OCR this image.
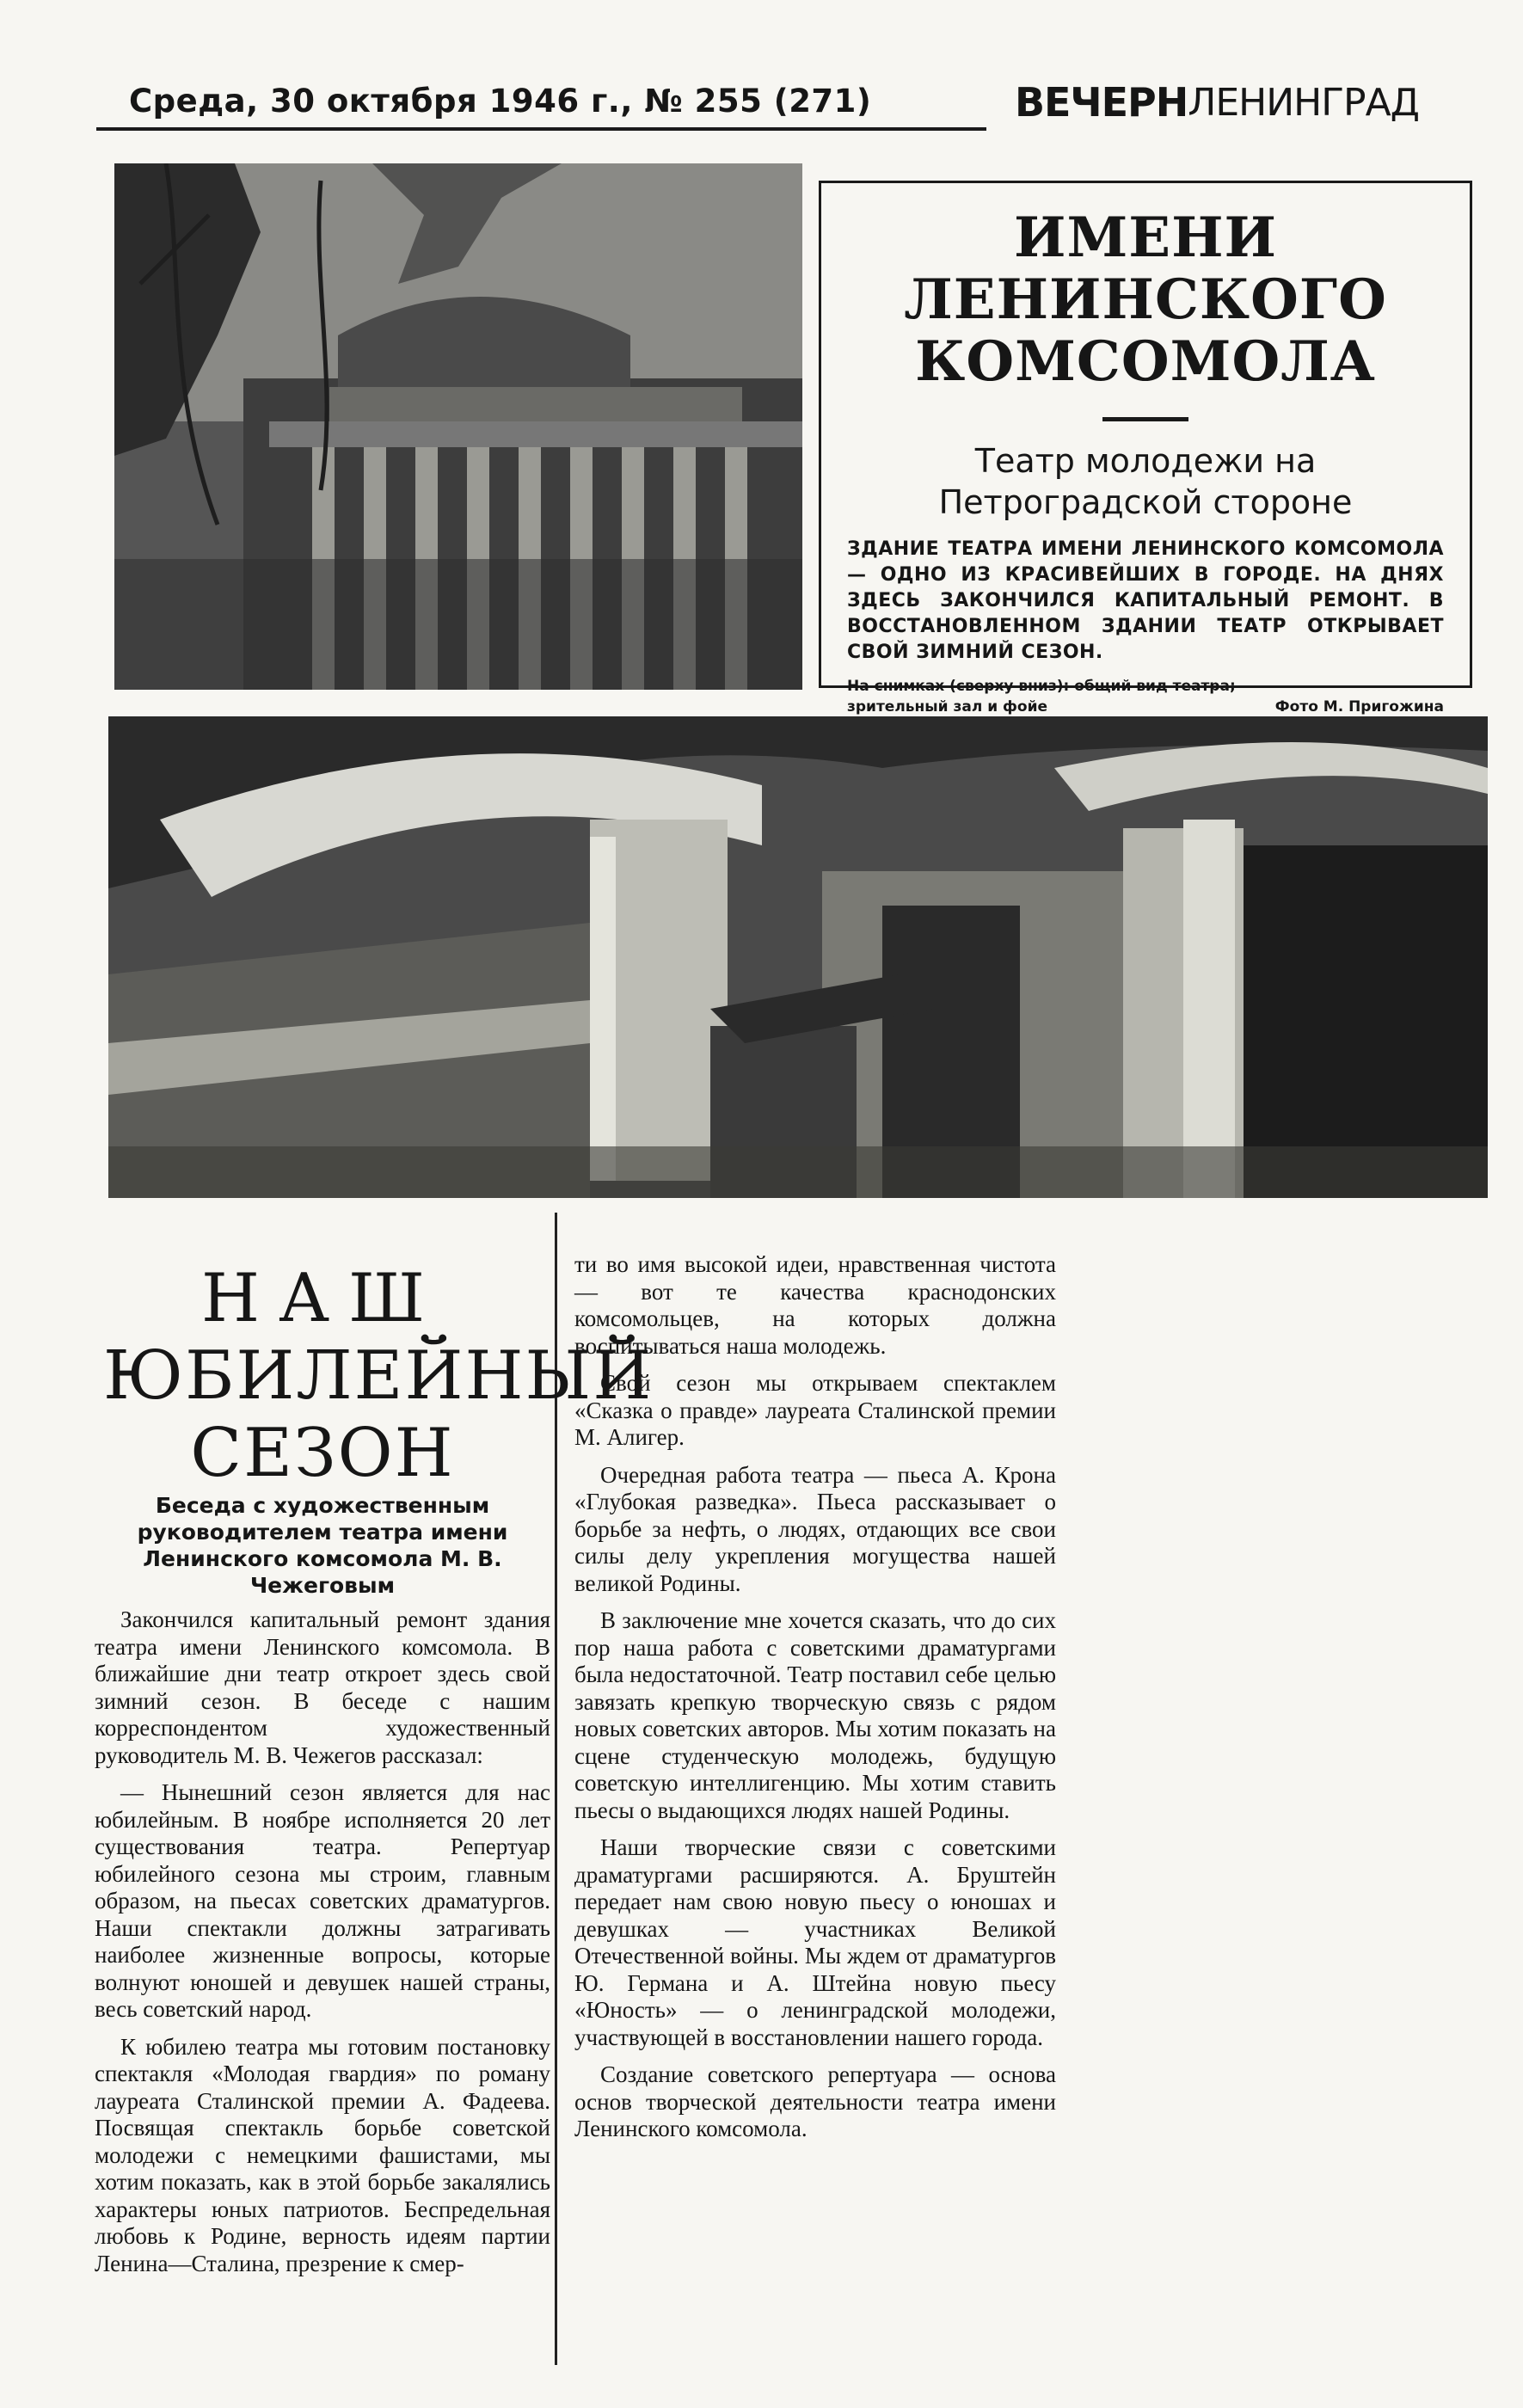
Среда, 30 октября 1946 г., № 255 (271)	ВЕЧЕРН ЛЕНИНГРАД
ИМЕНИ ЛЕНИНСКОГО КОМСОМОЛА
Театр молодежи на Петроградской стороне
ЗДАНИЕ ТЕАТРА ИМЕНИ ЛЕНИНСКОГО КОМСОМОЛА — ОДНО ИЗ КРАСИВЕЙШИХ В ГОРОДЕ. НА ДНЯХ ЗДЕСЬ ЗАКОНЧИЛСЯ КАПИТАЛЬНЫЙ РЕМОНТ. В ВОССТАНОВЛЕННОМ ЗДАНИИ ТЕАТР ОТКРЫВАЕТ СВОЙ ЗИМНИЙ СЕЗОН.
На снимках (сверху вниз): общий вид театра; зрительный зал и фойе	Фото М. Пригожина
НАШ
ЮБИЛЕЙНЫЙ СЕЗОН
Беседа с художественным руководителем театра имени Ленинского комсомола М. В. Чежеговым

Закончился капитальный ремонт здания театра имени Ленинского комсомола. В ближайшие дни театр откроет здесь свой зимний сезон. В беседе с нашим корреспондентом художественный руководитель М. В. Чежегов рассказал:

— Нынешний сезон является для нас юбилейным. В ноябре исполняется 20 лет существования театра. Репертуар юбилейного сезона мы строим, главным образом, на пьесах советских драматургов. Наши спектакли должны затрагивать наиболее жизненные вопросы, которые волнуют юношей и девушек нашей страны, весь советский народ.

К юбилею театра мы готовим постановку спектакля «Молодая гвардия» по роману лауреата Сталинской премии А. Фадеева. Посвящая спектакль борьбе советской молодежи с немецкими фашистами, мы хотим показать, как в этой борьбе закалялись характеры юных патриотов. Беспредельная любовь к Родине, верность идеям партии Ленина—Сталина, презрение к смер-

ти во имя высокой идеи, нравственная чистота — вот те качества краснодонских комсомольцев, на которых должна воспитываться наша молодежь.

Свой сезон мы открываем спектаклем «Сказка о правде» лауреата Сталинской премии М. Алигер.

Очередная работа театра — пьеса А. Крона «Глубокая разведка». Пьеса рассказывает о борьбе за нефть, о людях, отдающих все свои силы делу укрепления могущества нашей великой Родины.

В заключение мне хочется сказать, что до сих пор наша работа с советскими драматургами была недостаточной. Театр поставил себе целью завязать крепкую творческую связь с рядом новых советских авторов. Мы хотим показать на сцене студенческую молодежь, будущую советскую интеллигенцию. Мы хотим ставить пьесы о выдающихся людях нашей Родины.

Наши творческие связи с советскими драматургами расширяются. А. Бруштейн передает нам свою новую пьесу о юношах и девушках — участниках Великой Отечественной войны. Мы ждем от драматургов Ю. Германа и А. Штейна новую пьесу «Юность» — о ленинградской молодежи, участвующей в восстановлении нашего города.

Создание советского репертуара — основа основ творческой деятельности театра имени Ленинского комсомола.
